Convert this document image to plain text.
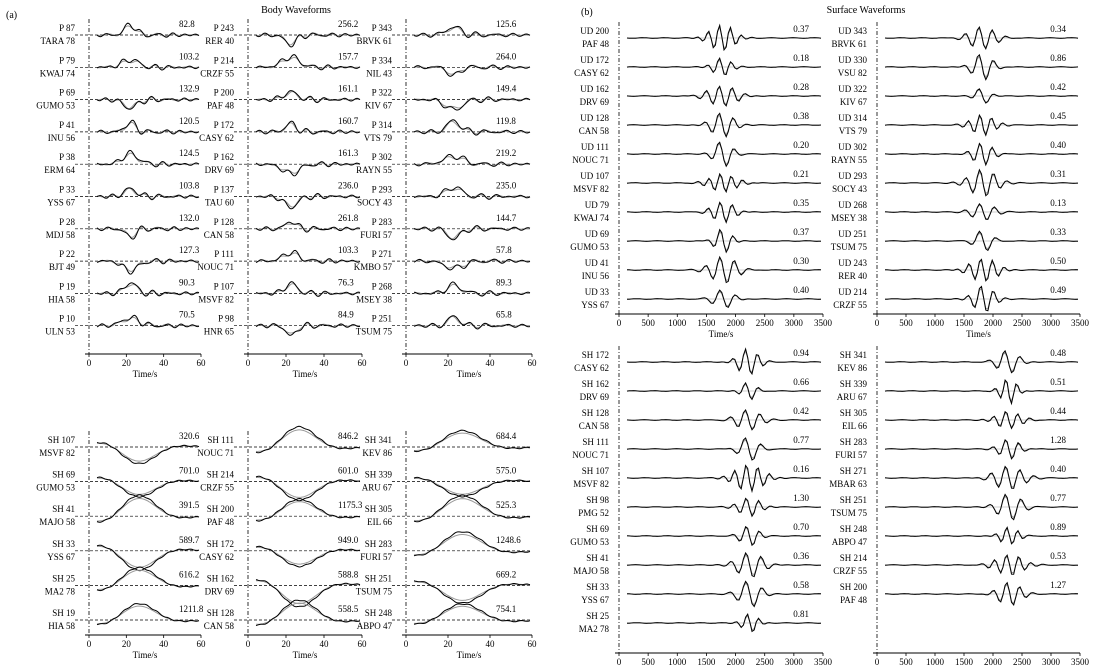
(a)	Body Waveforms	(b)	Surface Waveforms
P 87
TARA 78
82.8
P 79
KWAJ 74
103.2
P 69
GUMO 53
132.9
P 41
INU 56
120.5
P 38
ERM 64
124.5
P 33
YSS 67
103.8
P 28
MDJ 58
132.0
P 22
BJT 49
127.3
P 19
HIA 58
90.3
P 10
ULN 53
70.5
0	20	40	60
Time/s
P 243
RER 40
256.2
P 214
CRZF 55
157.7
P 200
PAF 48
161.1
P 172
CASY 62
160.7
P 162
DRV 69
161.3
P 137
TAU 60
236.0
P 128
CAN 58
261.8
P 111
NOUC 71
103.3
P 107
MSVF 82
76.3
P 98
HNR 65
84.9
0	20	40	60
Time/s
P 343
BRVK 61
125.6
P 334
NIL 43
264.0
P 322
KIV 67
149.4
P 314
VTS 79
119.8
P 302
RAYN 55
219.2
P 293
SOCY 43
235.0
P 283
FURI 57
144.7
P 271
KMBO 57
57.8
P 268
MSEY 38
89.3
P 251
TSUM 75
65.8
0	20	40	60
Time/s
SH 107
MSVF 82
320.6
SH 69
GUMO 53
701.0
SH 41
MAJO 58
391.5
SH 33
YSS 67
589.7
SH 25
MA2 78
616.2
SH 19
HIA 58
1211.8
0	20	40	60
Time/s
SH 111
NOUC 71
846.2
SH 214
CRZF 55
601.0
SH 200
PAF 48
1175.3
SH 172
CASY 62
949.0
SH 162
DRV 69
588.8
SH 128
CAN 58
558.5
0	20	40	60
Time/s
SH 341
KEV 86
684.4
SH 339
ARU 67
575.0
SH 305
EIL 66
525.3
SH 283
FURI 57
1248.6
SH 251
TSUM 75
669.2
SH 248
ABPO 47
754.1
0	20	40	60
Time/s
UD 200
PAF 48
0.37
UD 172
CASY 62
0.18
UD 162
DRV 69
0.28
UD 128
CAN 58
0.38
UD 111
NOUC 71
0.20
UD 107
MSVF 82
0.21
UD 79
KWAJ 74
0.35
UD 69
GUMO 53
0.37
UD 41
INU 56
0.30
UD 33
YSS 67
0.40
0 500 1000 1500 2000 2500 3000 3500
Time/s
UD 343
BRVK 61
0.34
UD 330
VSU 82
0.86
UD 322
KIV 67
0.42
UD 314
VTS 79
0.45
UD 302
RAYN 55
0.40
UD 293
SOCY 43
0.31
UD 268
MSEY 38
0.13
UD 251
TSUM 75
0.33
UD 243
RER 40
0.50
UD 214
CRZF 55
0.49
0 500 1000 1500 2000 2500 3000 3500
Time/s
SH 172
CASY 62
0.94
SH 162
DRV 69
0.66
SH 128
CAN 58
0.42
SH 111
NOUC 71
0.77
SH 107
MSVF 82
0.16
SH 98
PMG 52
1.30
SH 69
GUMO 53
0.70
SH 41
MAJO 58
0.36
SH 33
YSS 67
0.58
SH 25
MA2 78
0.81
0 500 1000 1500 2000 2500 3000 3500
SH 341
KEV 86
0.48
SH 339
ARU 67
0.51
SH 305
EIL 66
0.44
SH 283
FURI 57
1.28
SH 271
MBAR 63
0.40
SH 251
TSUM 75
0.77
SH 248
ABPO 47
0.89
SH 214
CRZF 55
0.53
SH 200
PAF 48
1.27
0 500 1000 1500 2000 2500 3000 3500
